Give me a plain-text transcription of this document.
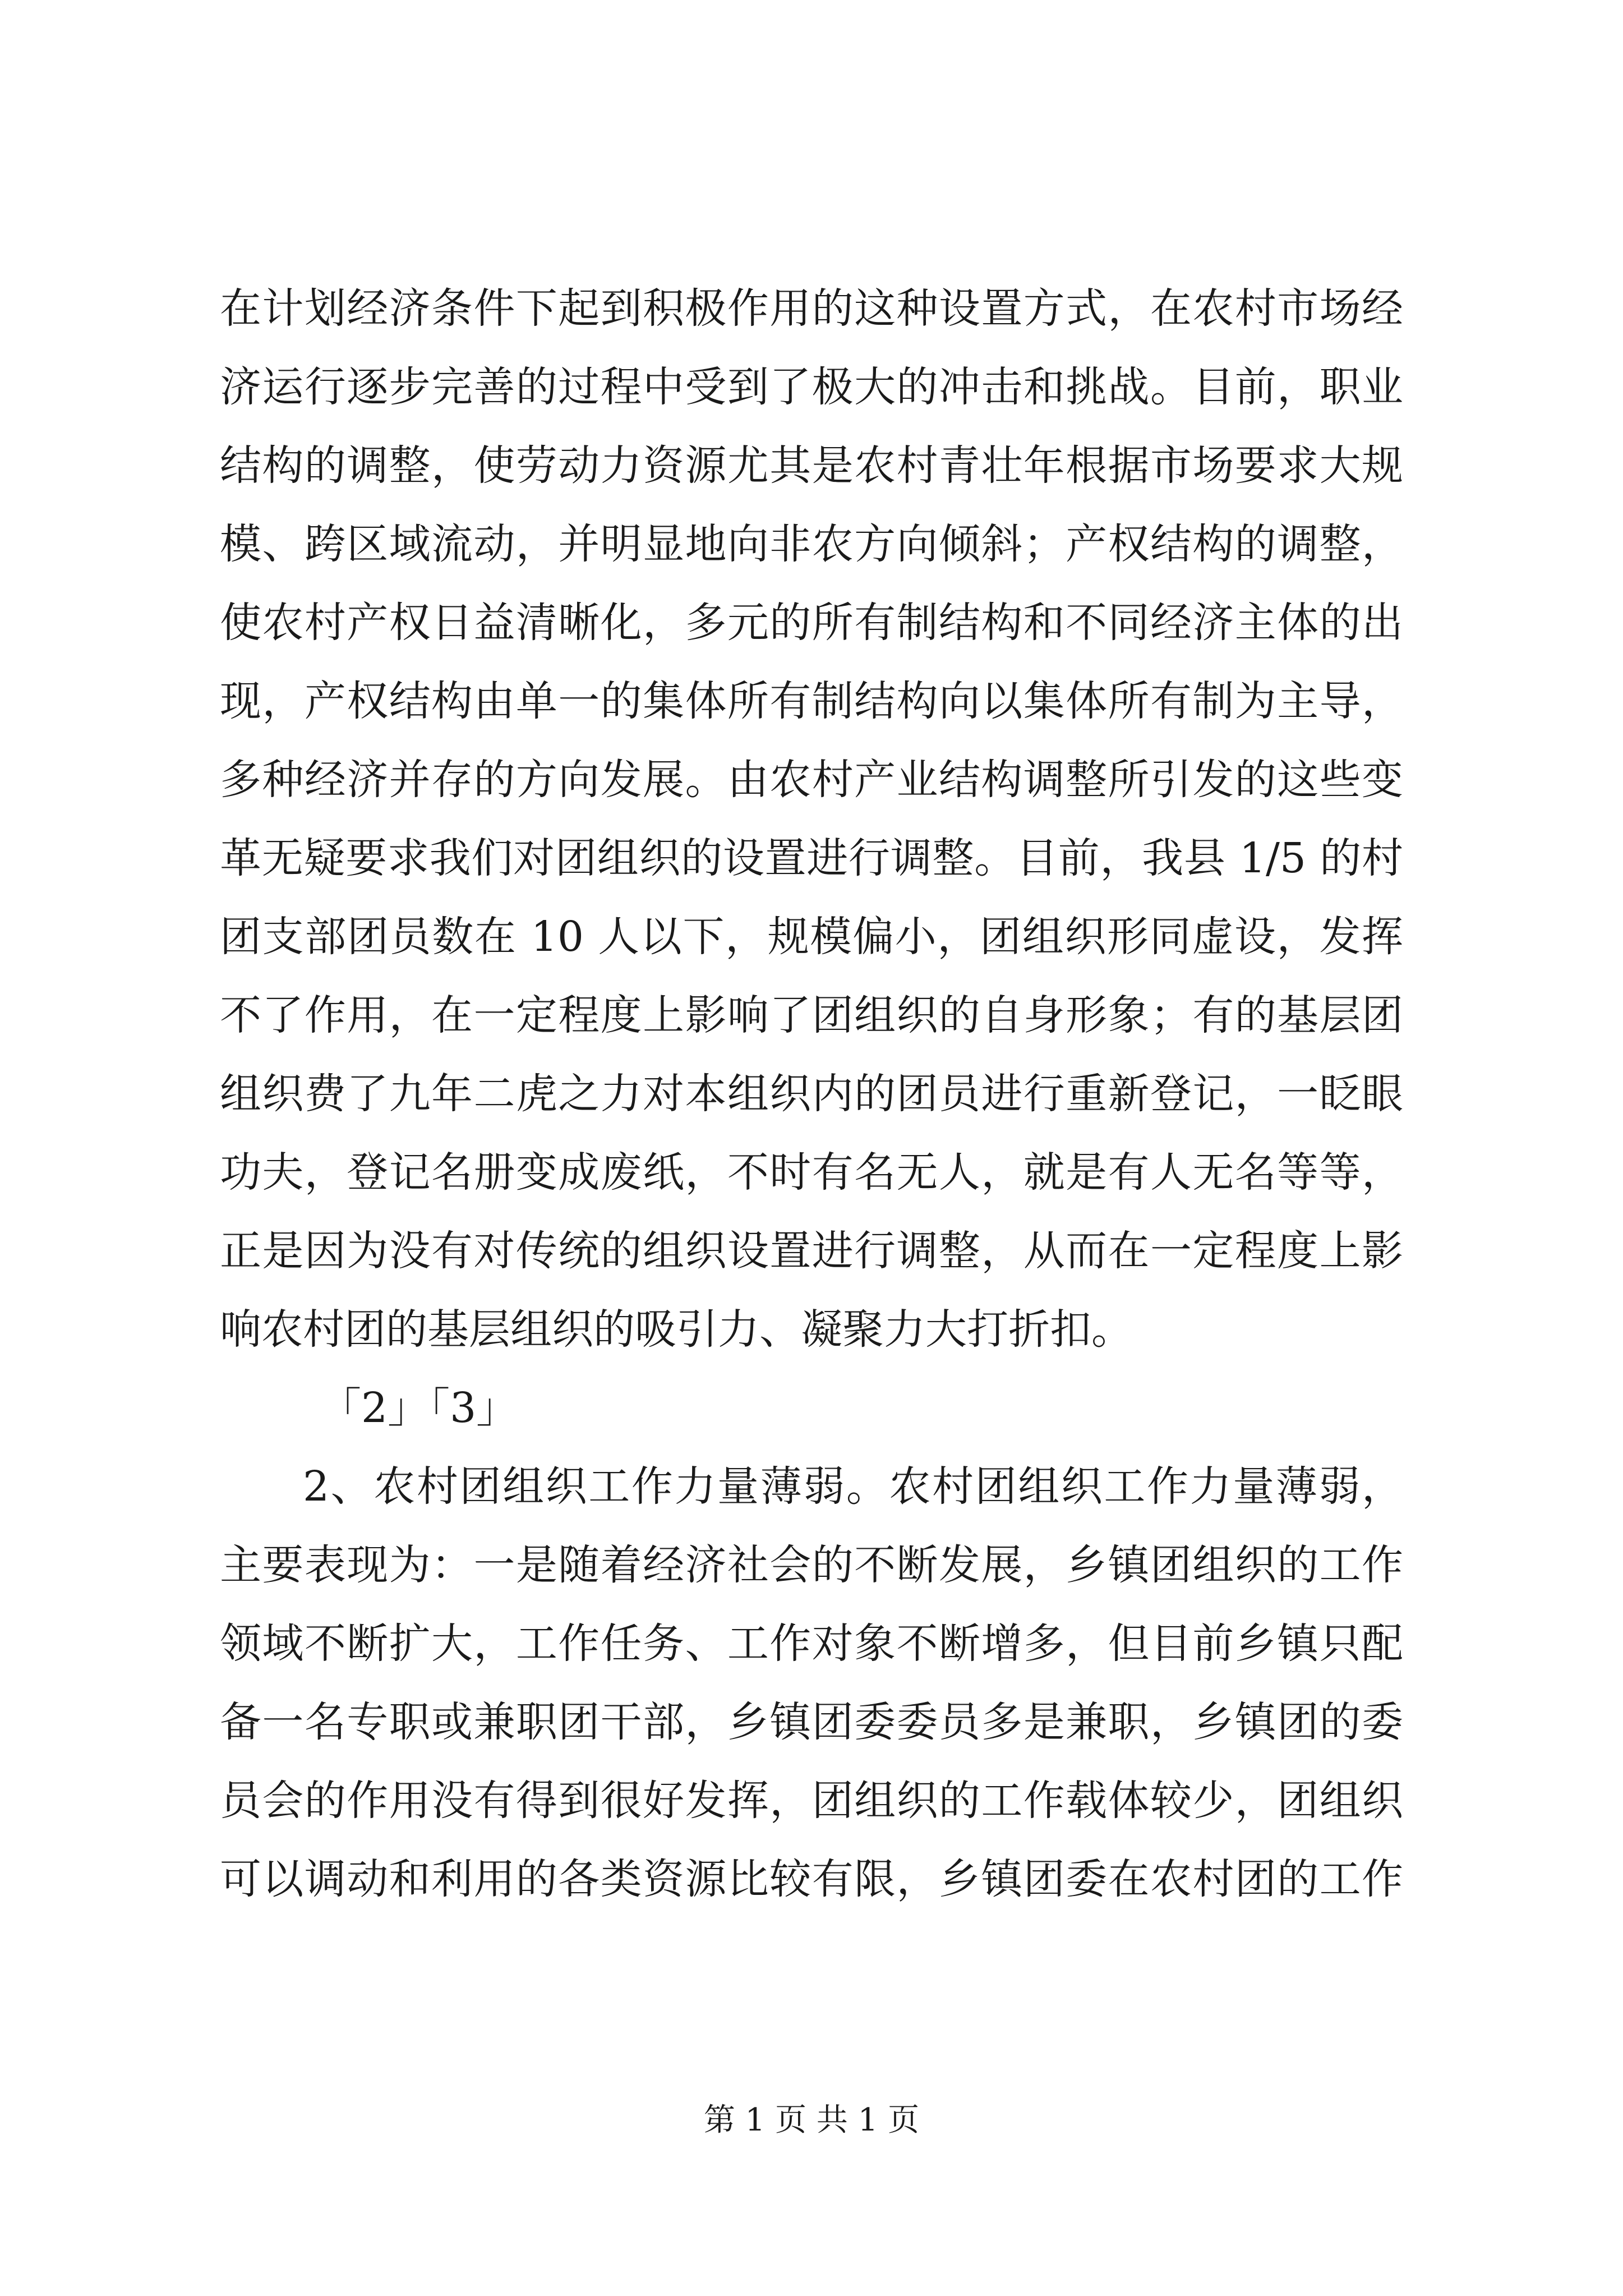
在计划经济条件下起到积极作用的这种设置方式，在农村市场经
济运行逐步完善的过程中受到了极大的冲击和挑战。目前，职业
结构的调整，使劳动力资源尤其是农村青壮年根据市场要求大规
模、跨区域流动，并明显地向非农方向倾斜；产权结构的调整，
使农村产权日益清晰化，多元的所有制结构和不同经济主体的出
现，产权结构由单一的集体所有制结构向以集体所有制为主导，
多种经济并存的方向发展。由农村产业结构调整所引发的这些变
革无疑要求我们对团组织的设置进行调整。目前，我县 1/5 的村
团支部团员数在 10 人以下，规模偏小，团组织形同虚设，发挥
不了作用，在一定程度上影响了团组织的自身形象；有的基层团
组织费了九年二虎之力对本组织内的团员进行重新登记，一眨眼
功夫，登记名册变成废纸，不时有名无人，就是有人无名等等，
正是因为没有对传统的组织设置进行调整，从而在一定程度上影
响农村团的基层组织的吸引力、凝聚力大打折扣。
「2」「3」
2、农村团组织工作力量薄弱。农村团组织工作力量薄弱，
主要表现为：一是随着经济社会的不断发展，乡镇团组织的工作
领域不断扩大，工作任务、工作对象不断增多，但目前乡镇只配
备一名专职或兼职团干部，乡镇团委委员多是兼职，乡镇团的委
员会的作用没有得到很好发挥，团组织的工作载体较少，团组织
可以调动和利用的各类资源比较有限，乡镇团委在农村团的工作
第 1 页 共 1 页
